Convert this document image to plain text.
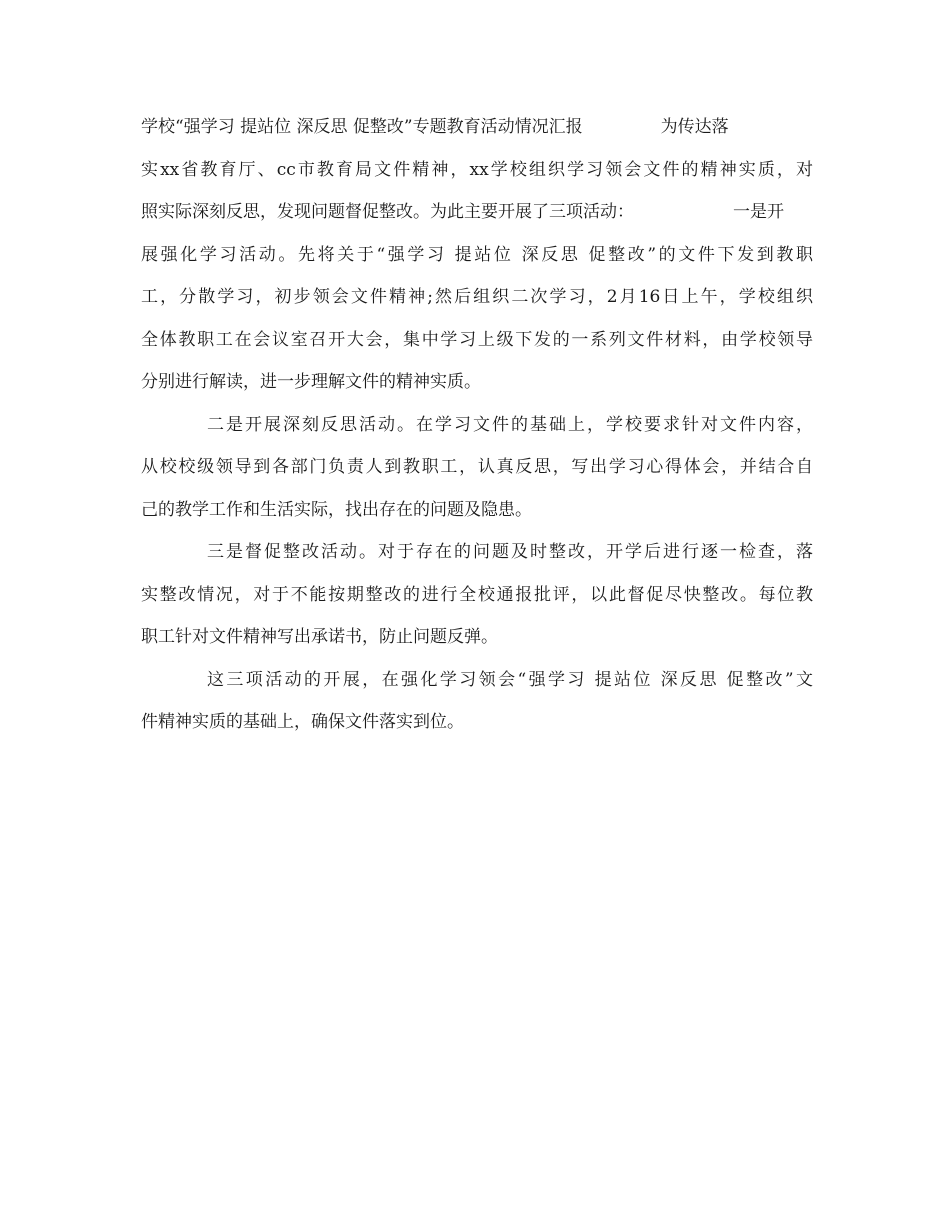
学校“强学习 提站位 深反思 促整改”专题教育活动情况汇报	为传达落
实xx省教育厅、cc市教育局文件精神，xx学校组织学习领会文件的精神实质，对
照实际深刻反思，发现问题督促整改。为此主要开展了三项活动：	一是开
展强化学习活动。先将关于“强学习 提站位 深反思 促整改”的文件下发到教职
工，分散学习，初步领会文件精神;然后组织二次学习，2月16日上午，学校组织
全体教职工在会议室召开大会，集中学习上级下发的一系列文件材料，由学校领导
分别进行解读，进一步理解文件的精神实质。
二是开展深刻反思活动。在学习文件的基础上，学校要求针对文件内容，
从校校级领导到各部门负责人到教职工，认真反思，写出学习心得体会，并结合自
己的教学工作和生活实际，找出存在的问题及隐患。
三是督促整改活动。对于存在的问题及时整改，开学后进行逐一检查，落
实整改情况，对于不能按期整改的进行全校通报批评，以此督促尽快整改。每位教
职工针对文件精神写出承诺书，防止问题反弹。
这三项活动的开展，在强化学习领会“强学习 提站位 深反思 促整改”文
件精神实质的基础上，确保文件落实到位。
